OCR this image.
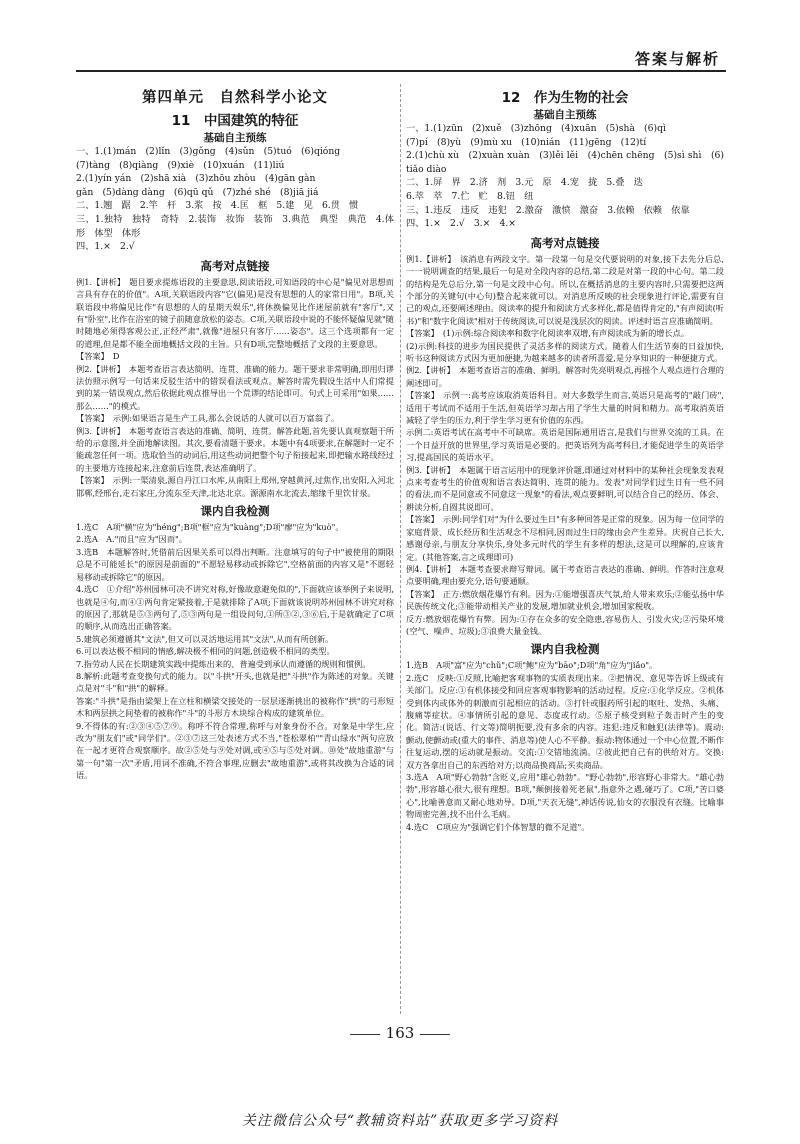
答案与解析
第四单元　自然科学小论文
11　中国建筑的特征
基础自主预练

一、1.(1)mán　(2)lǐn　(3)gǒng　(4)sǔn　(5)tuó　(6)qióng

(7)tàng　(8)qiàng　(9)xiè　(10)xuán　(11)liú

2.(1)yín yán　(2)shā xià　(3)zhōu zhòu　(4)gān gàn

gǎn　(5)dàng dàng　(6)qū qǔ　(7)zhé shé　(8)jiā jiá

二、1.翘　踞　2.竿　杆　3.浆　按　4.匡　框　5.建　见　6.贯　惯

三、1.独特　独特　奇特　2.装饰　妆饰　装饰　3.典范　典型　典范　4.体形　体型　体形

四、1.×　2.√

高考对点链接

例1.【讲析】　题目要求提炼语段的主要意思,阅读语段,可知语段的中心是"偏见对思想而言具有存在的价值"。A项,关联语段内容"它(偏见)是没有思想的人的家常日用"。B项,关联语段中将偏见比作"有思想的人的星期天娱乐",将休换偏见比作迷屋前就有"客厅",又有"卧室",比作在浴室的镜子前随意放松的姿态。C项,关联语段中说的不能怀疑偏见就"随时随地必须得客观公正,正经严肃",就像"进屋只有客厅……姿态"。这三个选项都有一定的道理,但是都不能全面地概括文段的主旨。只有D项,完整地概括了文段的主要意思。

【答案】　D

例2.【讲析】　本题考查语言表达简明、连贯、准确的能力。题干要求非常明确,即用归谬法仿照示例写一句话来反驳生活中的错误看法或观点。解答时需先假设生活中人们常提到的某一错误观点,然后依据此观点推导出一个荒谬的结论即可。句式上可采用"如果……那么……"的模式。

【答案】　示例:如果语言是生产工具,那么会说话的人就可以百万富翁了。

例3.【讲析】　本题考查语言表达的准确、简明、连贯。解答此题,首先要认真观察题干所给的示意图,并全面地解读图。其次,要看清题干要求。本题中有4项要求,在解题时一定不能疏忽任何一项。选取恰当的动词后,用这些动词把整个句子衔接起来,即把输水路线经过的主要地方连接起来,注意前后连贯,表达准确明了。

【答案】　示例:一渠清泉,源自丹江口水库,从南阳上郑州,穿越黄河,过焦作,出安阳,入河北邯郸,经邢台,走石家庄,分流东至天津,北达北京。源源南水北流去,缩缘千里饮甘泉。

课内自我检测

1.选C　A项"横"应为"héng";B项"框"应为"kuàng";D项"瘳"应为"kuò"。

2.选A　A."而且"应为"因而"。

3.选B　本题解答时,凭借前后因果关系可以得出判断。注意填写的句子中"被使用的期限总是不可能延长"的原因是前面的"不愿轻易移动或拆除它",空格前面的内容又是"不愿轻易移动或拆除它"的原因。

4.选C　①介绍"苏州园林可决不讲究对称,好像故意避免似的",下面就应该举例子来说明,也就是④句,而④①两句肯定紧接着,于是就排除了A项;下面就该说明苏州园林不讲究对称的原因了,那就是⑤③两句了,⑤③两句是一组设问句,①所③②,③⑥后,于是就确定了C项的顺序,从而选出正确答案。

5.建筑必须遵循其"文法",但又可以灵活地运用其"文法",从而有所创新。

6.可以表达极不相同的情感,解决极不相同的问题,创造极不相同的类型。

7.指劳动人民在长期建筑实践中提炼出来的、普遍受到承认而遵循的规则和惯例。

8.解析:此题考查变换句式的能力。以"斗拱"开头,也就是把"斗拱"作为陈述的对象。关键点是对"斗"和"拱"的解释。

答案:"斗拱"是指由梁架上在立柱和横梁交接处的一层层逐渐挑出的被称作"拱"的弓形短木和两层拱之间垫着的被称作"斗"的斗形方木块综合构成的建筑单位。

9.不得体的有:②③④⑤⑦⑨。称呼不符合常理,称呼与对象身份不合。对象是中学生,应改为"朋友们"或"同学们"。②③⑦这三处表述方式不当,"苍松翠柏""青山绿水"两句应放在一起才更符合观察顺序。故②⑤处与⑨处对调,或④⑤与⑤处对调。⑩处"故地重游"与第一句"第一次"矛盾,用词不准确,不符合事理,应删去"故地重游",或将其改换为合适的词语。

12　作为生物的社会
基础自主预练

一、1.(1)zūn　(2)xuě　(3)zhōng　(4)xuān　(5)shà　(6)qì

(7)pí　(8)yù　(9)mù xu　(10)nián　(11)gēng　(12)tí

2.(1)chù xù　(2)xuàn xuàn　(3)lěi lěi　(4)chēn chēng　(5)sì shì　(6)tiǎo diào

二、1.屏　界　2.济　剂　3.元　原　4.宠　拢　5.叠　迭

6.萃　萃　7.伫　贮　8.钮　纽

三、1.违反　违反　违犯　2.激奋　激愤　激奋　3.依赖　依赖　依靠

四、1.×　2.√　3.×　4.×

高考对点链接

例1.【讲析】　该消息有两段文字。第一段第一句是交代要说明的对象,接下去先分后总,一一说明调查的结果,最后一句是对全段内容的总结,第二段是对第一段的中心句。第二段的结构是先总后分,第一句是文段中心句。所以,在概括消息的主要内容时,只需要把这两个部分的关键句(中心句)整合起来就可以。对消息所反映的社会现象进行评论,需要有自己的观点,还要阐述理由。阅读率的提升和阅读方式多样化,都是值得肯定的,"有声阅读(听书)"和"数字化阅读"相对于传统阅读,可以说是浅层次的阅读。评述时语言应准确简明。

【答案】　(1)示例:综合阅读率和数字化阅读率双增,有声阅读成为新的增长点。

(2)示例:科技的进步为国民提供了灵活多样的阅读方式。随着人们生活节奏的日益加快,听书这种阅读方式因为更加便捷,为越来越多的读者所喜爱,是分享知识的一种便捷方式。

例2.【讲析】　本题考查语言的准确、鲜明。解答时先亮明观点,再摇个人观点进行合理的阐述即可。

【答案】　示例一:高考应该取消英语科目。对大多数学生而言,英语只是高考的"敲门砖",适用于考试而不适用于生活,但英语学习却占用了学生大量的时间和精力。高考取消英语减轻了学生的压力,利于学生学习更有价值的东西。

示例二:英语考试在高考中不可缺席。英语是国际通用语言,是我们与世界交流的工具。在一个日益开放的世界里,学习英语是必要的。把英语列为高考科目,才能促进学生的英语学习,提高国民的英语水平。

例3.【讲析】　本题属于语言运用中的现象评价题,即通过对材料中的某种社会现象发表观点来考查考生的价值观和语言表达简明、连贯的能力。发表"对同学们过生日有一些不同的看法,而不是同意或不同意这一现象"的看法,观点要鲜明,可以结合自己的经历、体会、耕读分析,自圆其说即可。

【答案】　示例:同学们对"为什么要过生日"有多种回答是正常的现象。因为每一位同学的家庭背景、成长经历和生活观念不尽相同,因而过生日的缘由会产生差异。庆祝自己长大,感谢母亲,与朋友分享快乐,身处多元时代的学生有多样的想法,这是可以理解的,应该肯定。(其他答案,言之成理即可)

例4.【讲析】　本题考查要求辩写辩词。属于考查语言表达的准确、鲜明。作答时注意观点要明确,理由要充分,语句要通顺。

【答案】　正方:燃放烟花爆竹有利。因为:①能增强喜庆气氛,给人带来欢乐;②能弘扬中华民族传统文化;③能带动相关产业的发展,增加就业机会,增加国家税收。

反方:燃放烟花爆竹有弊。因为:①存在众多的安全隐患,容易伤人、引发火灾;②污染环境(空气、噪声、垃圾);③浪费大量金钱。

课内自我检测

1.选B　A项"富"应为"chǔ";C项"鲍"应为"bāo";D项"角"应为"jiǎo"。

2.选C　反映:①反照,比喻把客观事物的实质表现出来。②把情况、意见等告诉上级或有关部门。反应:①有机体接受和回应客观事物影响的活动过程。反应:①化学反应。②机体受到体内或体外的刺激而引起相应的活动。③打针或服药所引起的呕吐、发热、头痛、腹痛等症状。④事情所引起的意见、态度或行动。⑤原子核受到粒子轰击时产生的变化。简洁:(说话、行文等)简明扼要,没有多余的内容。违犯:违反和触犯(法律等)。震动:颤动,使颤动或(重大的事件、消息等)使人心不平静。振动:物体通过一个中心位置,不断作往复运动,摆的运动就是振动。交流:①交错地流淌。②彼此把自己有的供给对方。交换:双方各拿出自己的东西给对方;以商品换商品;买卖商品。

3.选A　A项"野心勃勃"含贬义,应用"雄心勃勃"。"野心勃勃",形容野心非常大。"雄心勃勃",形容雄心很大,很有理想。B项,"颠倒接着死老鼠",指意外之遇,碰巧了。C项,"苦口婆心",比喻善意而又耐心地劝导。D项,"天衣无缝",神话传说,仙女的衣服没有衣缝。比喻事物周密完善,找不出什么毛病。

4.选C　C项应为"强调它们个体智慧的微不足道"。

163
关注微信公众号“教辅资料站”获取更多学习资料
